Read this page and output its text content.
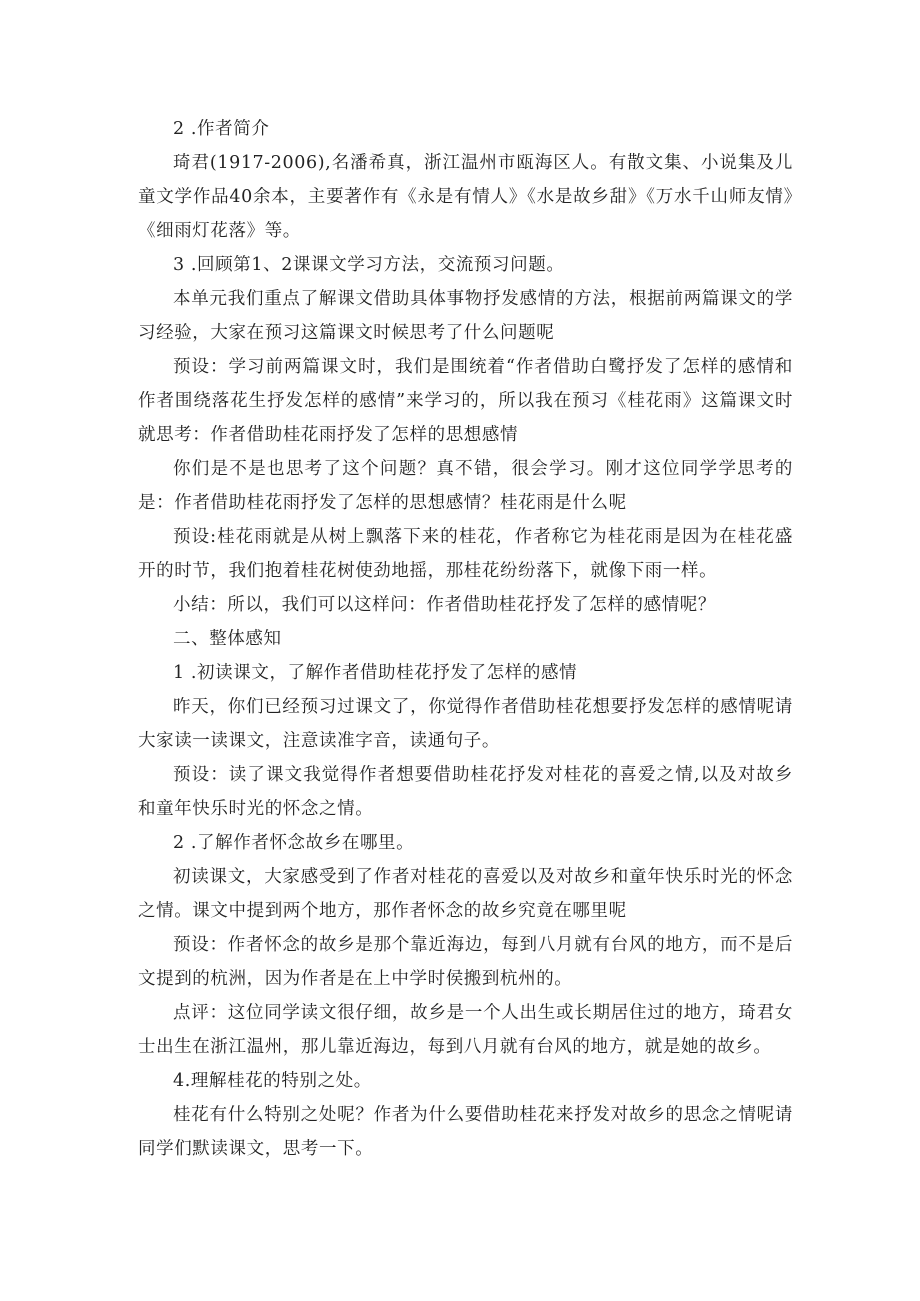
2 .作者简介

琦君(1917-2006),名潘希真，浙江温州市瓯海区人。有散文集、小说集及儿童文学作品40余本，主要著作有《永是有情人》《水是故乡甜》《万水千山师友情》《细雨灯花落》等。

3 .回顾第1、2课课文学习方法，交流预习问题。

本单元我们重点了解课文借助具体事物抒发感情的方法，根据前两篇课文的学习经验，大家在预习这篇课文时候思考了什么问题呢

预设：学习前两篇课文时，我们是围统着“作者借助白鹭抒发了怎样的感情和作者围绕落花生抒发怎样的感情”来学习的，所以我在预习《桂花雨》这篇课文时就思考：作者借助桂花雨抒发了怎样的思想感情

你们是不是也思考了这个问题？真不错，很会学习。刚才这位同学学思考的是：作者借助桂花雨抒发了怎样的思想感情？桂花雨是什么呢

预设:桂花雨就是从树上飘落下来的桂花，作者称它为桂花雨是因为在桂花盛开的时节，我们抱着桂花树使劲地摇，那桂花纷纷落下，就像下雨一样。

小结：所以，我们可以这样问：作者借助桂花抒发了怎样的感情呢？

二、整体感知

1 .初读课文，了解作者借助桂花抒发了怎样的感情

昨天，你们已经预习过课文了，你觉得作者借助桂花想要抒发怎样的感情呢请大家读一读课文，注意读准字音，读通句子。

预设：读了课文我觉得作者想要借助桂花抒发对桂花的喜爱之情,以及对故乡和童年快乐时光的怀念之情。

2 .了解作者怀念故乡在哪里。

初读课文，大家感受到了作者对桂花的喜爱以及对故乡和童年快乐时光的怀念之情。课文中提到两个地方，那作者怀念的故乡究竟在哪里呢

预设：作者怀念的故乡是那个靠近海边，每到八月就有台风的地方，而不是后文提到的杭洲，因为作者是在上中学时侯搬到杭州的。

点评：这位同学读文很仔细，故乡是一个人出生或长期居住过的地方，琦君女士出生在浙江温州，那儿靠近海边，每到八月就有台风的地方，就是她的故乡。

4.理解桂花的特别之处。

桂花有什么特别之处呢？作者为什么要借助桂花来抒发对故乡的思念之情呢请同学们默读课文，思考一下。
